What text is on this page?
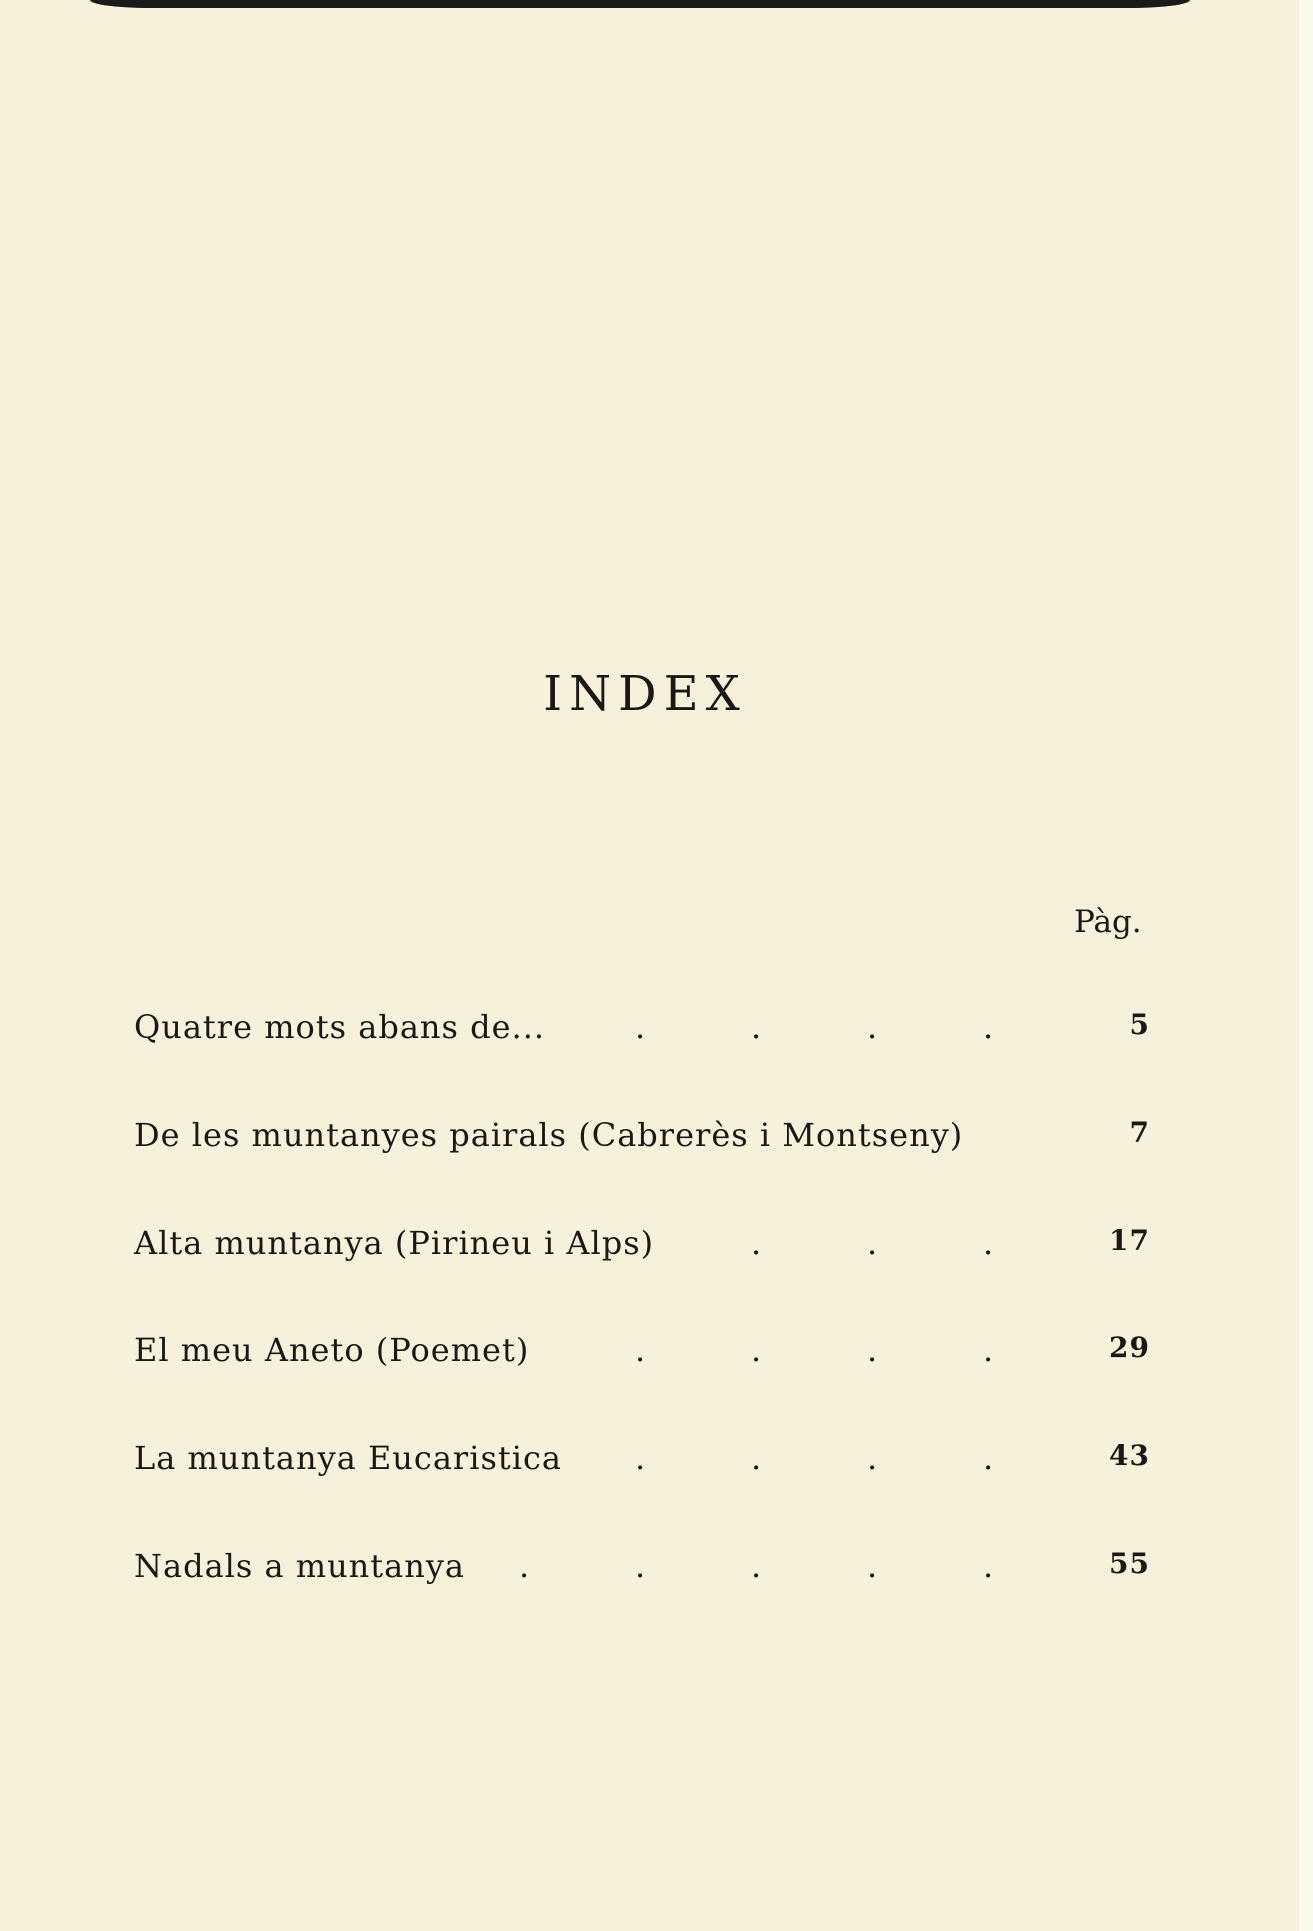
INDEX
Pàg.
Quatre mots abans de...	.	.	.	.	5
De les muntanyes pairals (Cabrerès i Montseny)	7
Alta muntanya (Pirineu i Alps)	.	.	.	17
El meu Aneto (Poemet)	.	.	.	.	29
La muntanya Eucaristica .	.	.	.	43
Nadals a muntanya .	.	.	.	.	55
